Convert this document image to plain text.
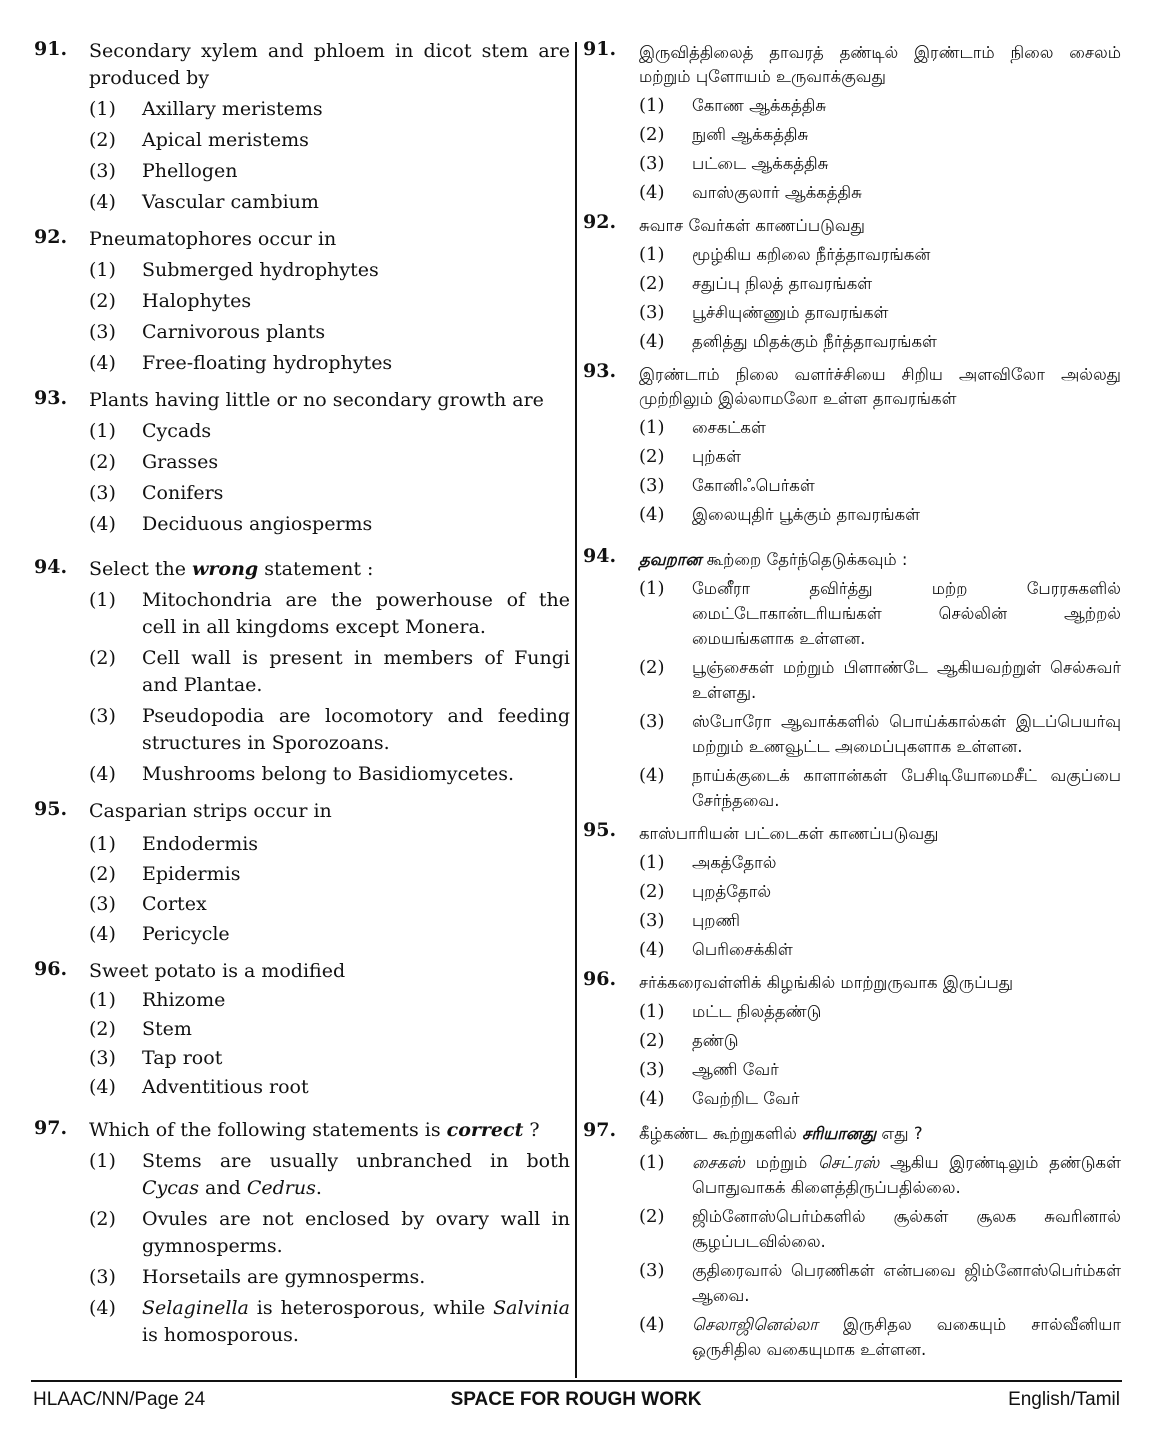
91.	Secondary xylem and phloem in dicot stem are produced by
(1)	Axillary meristems
(2)	Apical meristems
(3)	Phellogen
(4)	Vascular cambium
92.	Pneumatophores occur in
(1)	Submerged hydrophytes
(2)	Halophytes
(3)	Carnivorous plants
(4)	Free-floating hydrophytes
93.	Plants having little or no secondary growth are
(1)	Cycads
(2)	Grasses
(3)	Conifers
(4)	Deciduous angiosperms
94.	Select the wrong statement :
(1)	Mitochondria are the powerhouse of the cell in all kingdoms except Monera.
(2)	Cell wall is present in members of Fungi and Plantae.
(3)	Pseudopodia are locomotory and feeding structures in Sporozoans.
(4)	Mushrooms belong to Basidiomycetes.
95.	Casparian strips occur in
(1)	Endodermis
(2)	Epidermis
(3)	Cortex
(4)	Pericycle
96.	Sweet potato is a modified
(1)	Rhizome
(2)	Stem
(3)	Tap root
(4)	Adventitious root
97.	Which of the following statements is correct ?
(1)	Stems are usually unbranched in both Cycas and Cedrus.
(2)	Ovules are not enclosed by ovary wall in gymnosperms.
(3)	Horsetails are gymnosperms.
(4)	Selaginella is heterosporous, while Salvinia is homosporous.
91.	இருவித்திலைத் தாவரத் தண்டில் இரண்டாம் நிலை சைலம் மற்றும் புளோயம் உருவாக்குவது
(1)	கோண ஆக்கத்திசு
(2)	நுனி ஆக்கத்திசு
(3)	பட்டை ஆக்கத்திசு
(4)	வாஸ்குலார் ஆக்கத்திசு
92.	சுவாச வேர்கள் காணப்படுவது
(1)	மூழ்கிய கறிலை நீர்த்தாவரங்கன்
(2)	சதுப்பு நிலத் தாவரங்கள்
(3)	பூச்சியுண்ணும் தாவரங்கள்
(4)	தனித்து மிதக்கும் நீர்த்தாவரங்கள்
93.	இரண்டாம் நிலை வளர்ச்சியை சிறிய அளவிலோ அல்லது முற்றிலும் இல்லாமலோ உள்ள தாவரங்கள்
(1)	சைகட்கள்
(2)	புற்கள்
(3)	கோனிஃபெர்கள்
(4)	இலையுதிர் பூக்கும் தாவரங்கள்
94.	தவறான கூற்றை தேர்ந்தெடுக்கவும் :
(1)	மேனீரா தவிர்த்து மற்ற பேரரசுகளில் மைட்டோகான்டரியங்கள் செல்லின் ஆற்றல் மையங்களாக உள்ளன.
(2)	பூஞ்சைகள் மற்றும் பிளாண்டே ஆகியவற்றுள் செல்சுவர் உள்ளது.
(3)	ஸ்போரோ ஆவாக்களில் பொய்க்கால்கள் இடப்பெயர்வு மற்றும் உணவூட்ட அமைப்புகளாக உள்ளன.
(4)	நாய்க்குடைக் காளான்கள் பேசிடியோமைசீட் வகுப்பை சேர்ந்தவை.
95.	காஸ்பாரியன் பட்டைகள் காணப்படுவது
(1)	அகத்தோல்
(2)	புறத்தோல்
(3)	புறணி
(4)	பெரிசைக்கிள்
96.	சர்க்கரைவள்ளிக் கிழங்கில் மாற்றுருவாக இருப்பது
(1)	மட்ட நிலத்தண்டு
(2)	தண்டு
(3)	ஆணி வேர்
(4)	வேற்றிட வேர்
97.	கீழ்கண்ட கூற்றுகளில் சரியானது எது ?
(1)	சைகஸ் மற்றும் செட்ரஸ் ஆகிய இரண்டிலும் தண்டுகள் பொதுவாகக் கிளைத்திருப்பதில்லை.
(2)	ஜிம்னோஸ்பெர்ம்களில் சூல்கள் சூலக சுவரினால் சூழப்படவில்லை.
(3)	குதிரைவால் பெரணிகள் என்பவை ஜிம்னோஸ்பெர்ம்கள் ஆவை.
(4)	செலாஜினெல்லா இருசிதல வகையும் சால்வீனியா ஒருசிதில வகையுமாக உள்ளன.
HLAAC/NN/Page 24	SPACE FOR ROUGH WORK	English/Tamil
